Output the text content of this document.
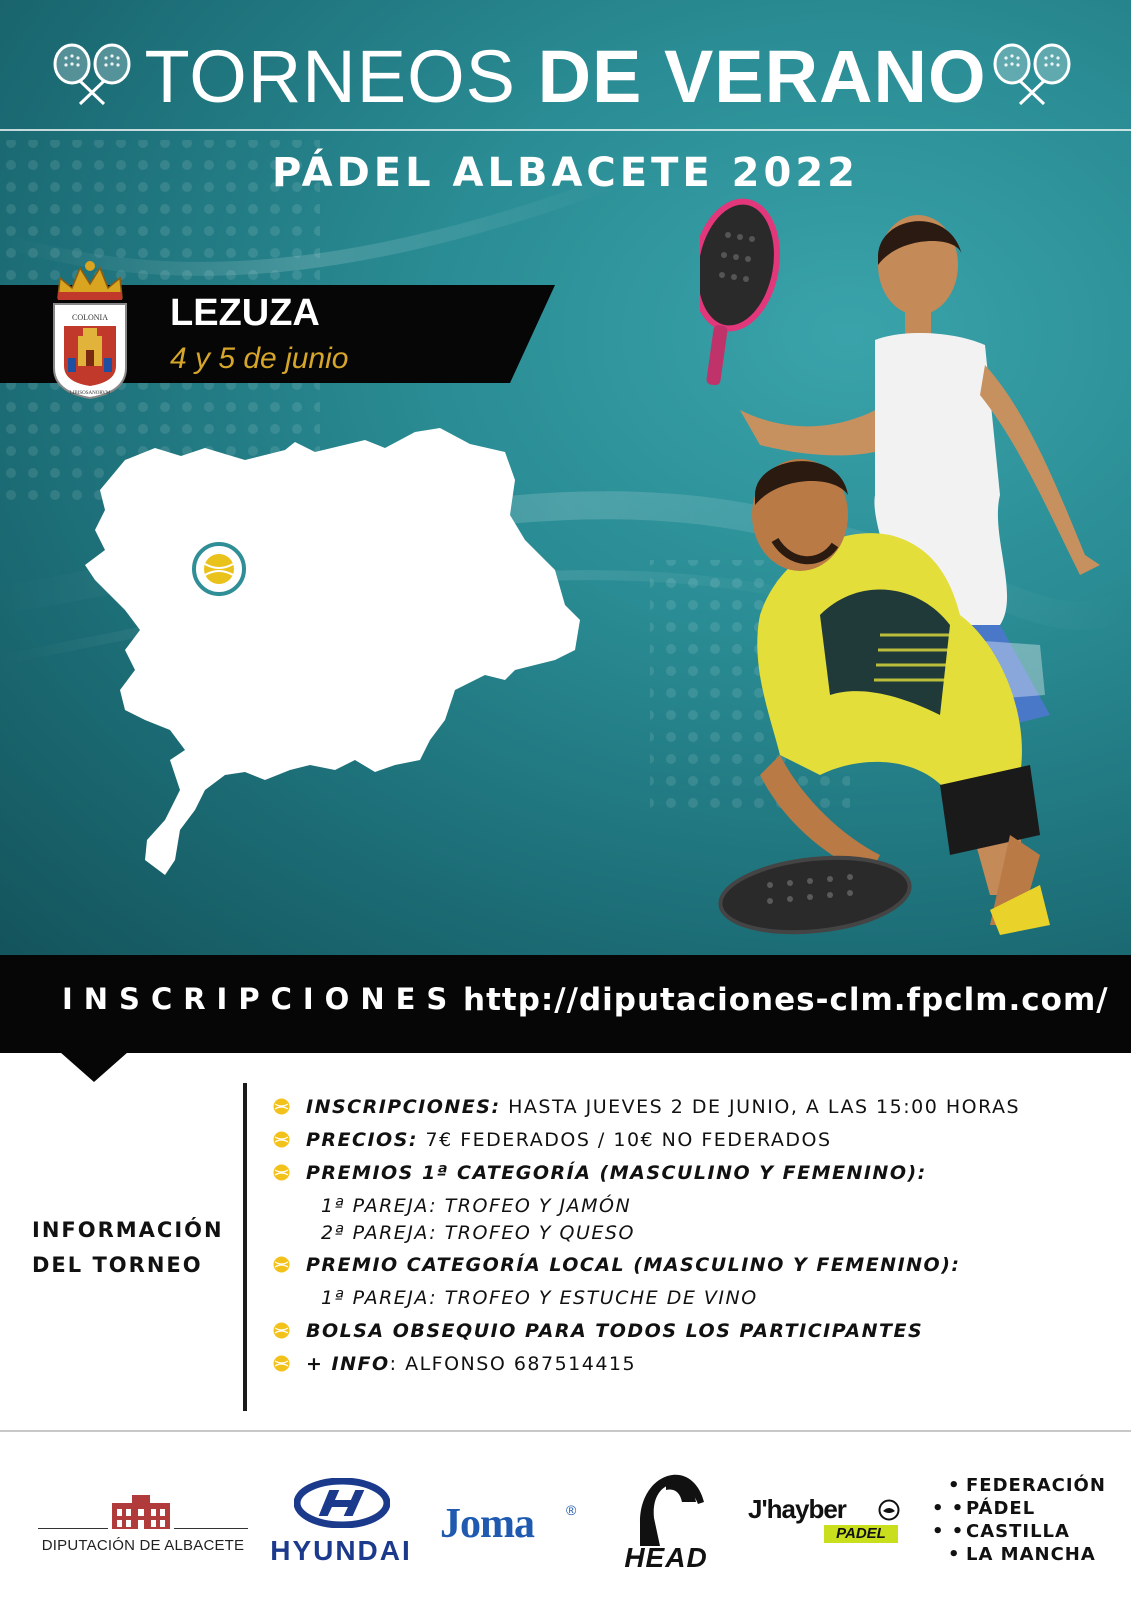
TORNEOS DE VERANO
PÁDEL ALBACETE 2022
COLONIA
LIBISOSANORVM
LEZUZA
4 y 5 de junio
INSCRIPCIONES http://diputaciones-clm.fpclm.com/
INFORMACIÓN
DEL TORNEO
INSCRIPCIONES: HASTA JUEVES 2 DE JUNIO, A LAS 15:00 HORAS
PRECIOS: 7€ FEDERADOS / 10€ NO FEDERADOS
PREMIOS 1ª CATEGORÍA (MASCULINO Y FEMENINO):
1ª PAREJA: TROFEO Y JAMÓN
2ª PAREJA: TROFEO Y QUESO
PREMIO CATEGORÍA LOCAL (MASCULINO Y FEMENINO):
1ª PAREJA: TROFEO Y ESTUCHE DE VINO
BOLSA OBSEQUIO PARA TODOS LOS PARTICIPANTES
+ INFO: ALFONSO 687514415
DIPUTACIÓN DE ALBACETE HYUNDAI
Joma ®
HEAD
J'hayber
PADEL
• FEDERACIÓN
• • PÁDEL
• • CASTILLA
• LA MANCHA
